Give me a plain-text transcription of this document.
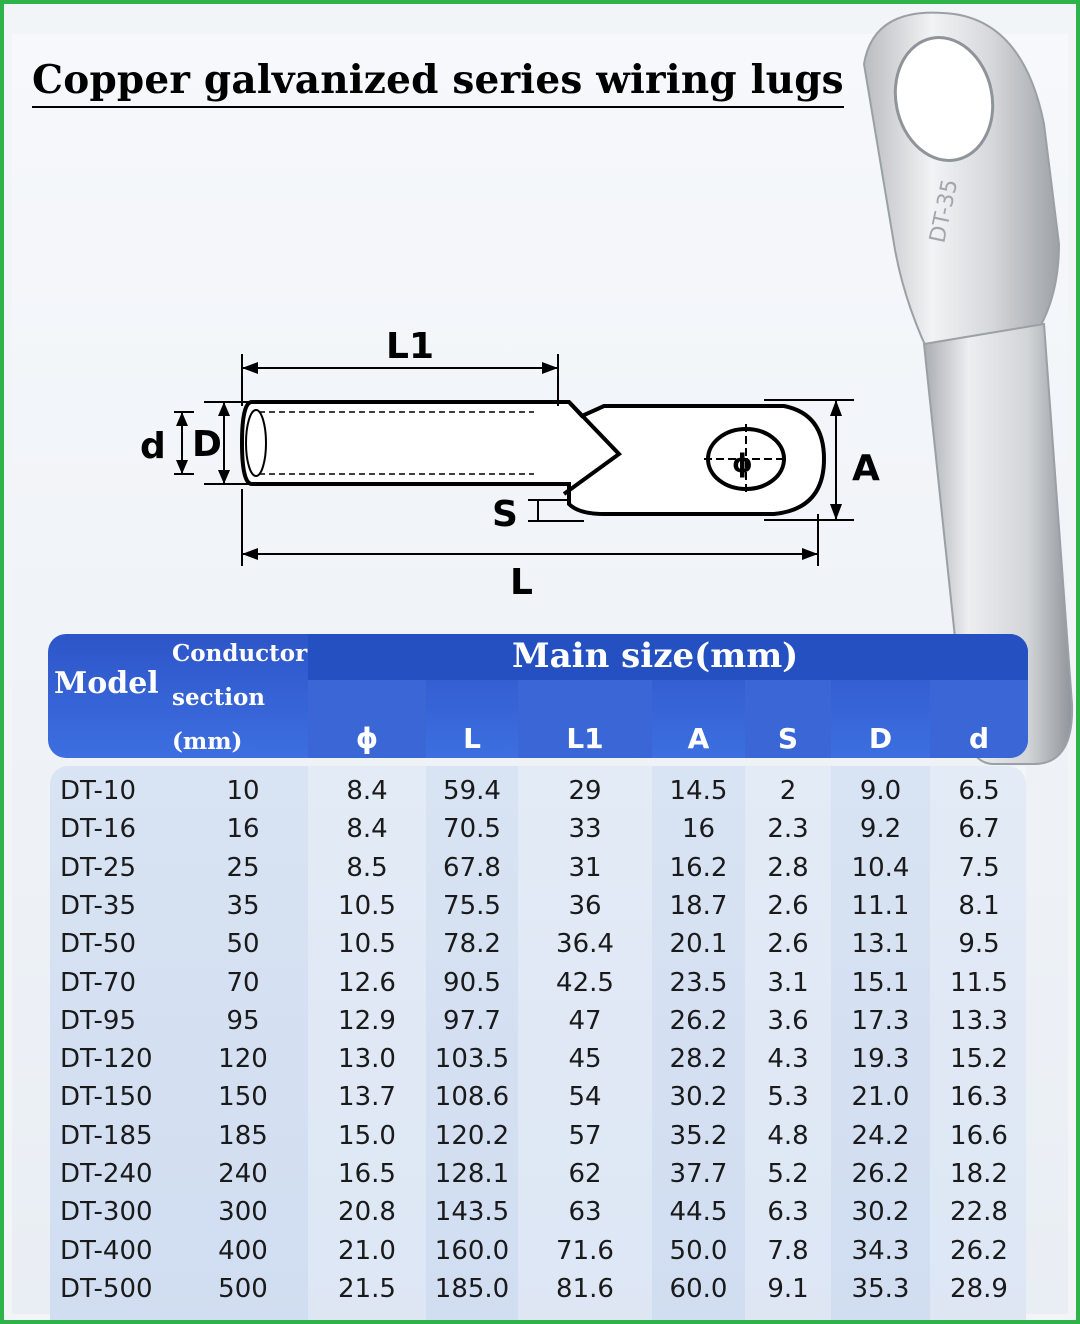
Copper galvanized series wiring lugs
DT-35
ϕ
L1
L
A
S
D
d
Model
Conductor
section
(mm)
Main size(mm)
ϕ	L	L1	A	S	D	d
DT-10	10	8.4	59.4	29	14.5	2	9.0	6.5
DT-16	16	8.4	70.5	33	16	2.3	9.2	6.7
DT-25	25	8.5	67.8	31	16.2	2.8	10.4	7.5
DT-35	35	10.5	75.5	36	18.7	2.6	11.1	8.1
DT-50	50	10.5	78.2	36.4	20.1	2.6	13.1	9.5
DT-70	70	12.6	90.5	42.5	23.5	3.1	15.1	11.5
DT-95	95	12.9	97.7	47	26.2	3.6	17.3	13.3
DT-120	120	13.0	103.5	45	28.2	4.3	19.3	15.2
DT-150	150	13.7	108.6	54	30.2	5.3	21.0	16.3
DT-185	185	15.0	120.2	57	35.2	4.8	24.2	16.6
DT-240	240	16.5	128.1	62	37.7	5.2	26.2	18.2
DT-300	300	20.8	143.5	63	44.5	6.3	30.2	22.8
DT-400	400	21.0	160.0	71.6	50.0	7.8	34.3	26.2
DT-500	500	21.5	185.0	81.6	60.0	9.1	35.3	28.9
